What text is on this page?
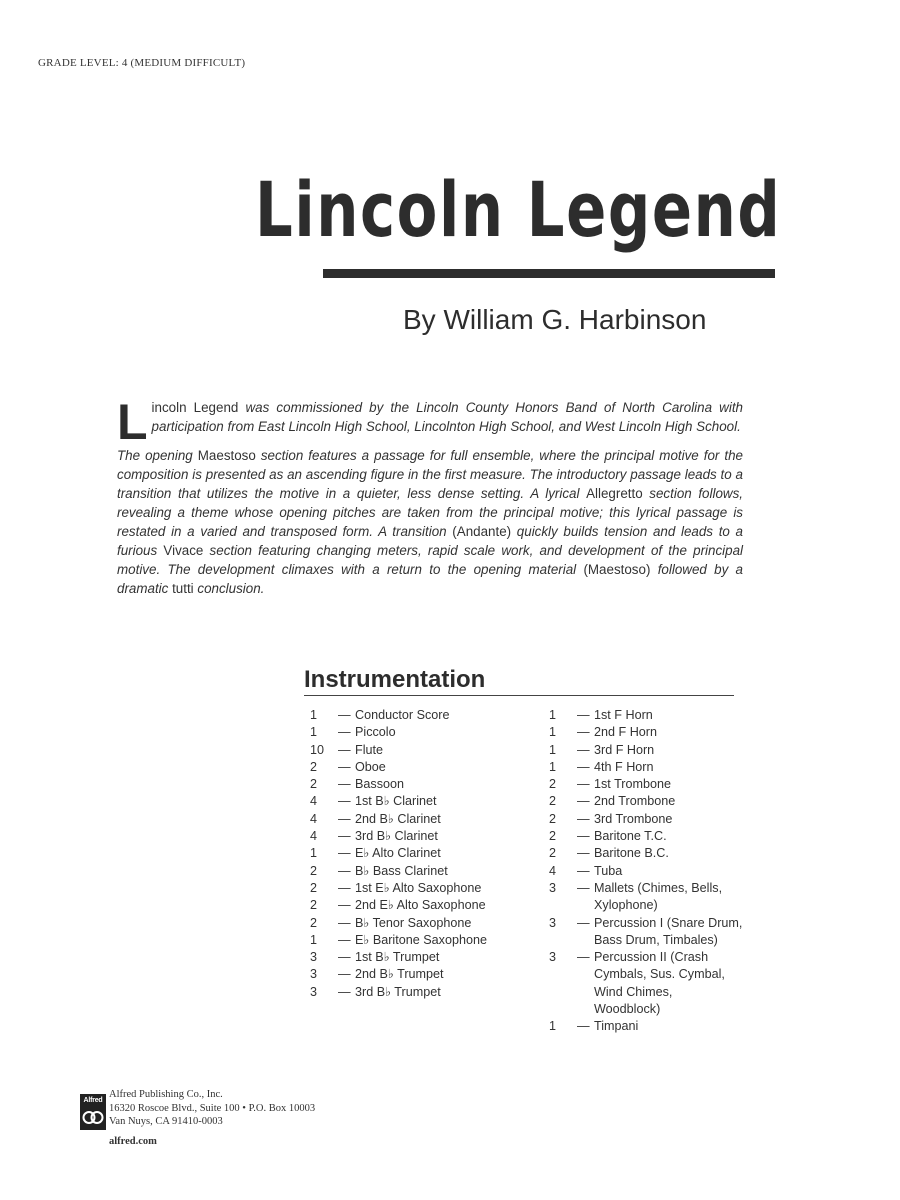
GRADE LEVEL: 4 (MEDIUM DIFFICULT)
Lincoln Legend
By William G. Harbinson

Lincoln Legend was commissioned by the Lincoln County Honors Band of North Carolina with participation from East Lincoln High School, Lincolnton High School, and West Lincoln High School.

The opening Maestoso section features a passage for full ensemble, where the principal motive for the composition is presented as an ascending figure in the first measure. The introductory passage leads to a transition that utilizes the motive in a quieter, less dense setting. A lyrical Allegretto section follows, revealing a theme whose opening pitches are taken from the principal motive; this lyrical passage is restated in a varied and transposed form. A transition (Andante) quickly builds tension and leads to a furious Vivace section featuring changing meters, rapid scale work, and development of the principal motive. The development climaxes with a return to the opening material (Maestoso) followed by a dramatic tutti conclusion.

Instrumentation
1	— Conductor Score
1	— Piccolo
10	— Flute
2	— Oboe
2	— Bassoon
4	— 1st B♭ Clarinet
4	— 2nd B♭ Clarinet
4	— 3rd B♭ Clarinet
1	— E♭ Alto Clarinet
2	— B♭ Bass Clarinet
2	— 1st E♭ Alto Saxophone
2	— 2nd E♭ Alto Saxophone
2	— B♭ Tenor Saxophone
1	— E♭ Baritone Saxophone
3	— 1st B♭ Trumpet
3	— 2nd B♭ Trumpet
3	— 3rd B♭ Trumpet
1	— 1st F Horn
1	— 2nd F Horn
1	— 3rd F Horn
1	— 4th F Horn
2	— 1st Trombone
2	— 2nd Trombone
2	— 3rd Trombone
2	— Baritone T.C.
2	— Baritone B.C.
4	— Tuba
3	— Mallets (Chimes, Bells,
Xylophone)
3	— Percussion I (Snare Drum,
Bass Drum, Timbales)
3	— Percussion II (Crash
Cymbals, Sus. Cymbal,
Wind Chimes,
Woodblock)
1	— Timpani
Alfred
Alfred Publishing Co., Inc.
16320 Roscoe Blvd., Suite 100 • P.O. Box 10003
Van Nuys, CA 91410-0003
alfred.com
